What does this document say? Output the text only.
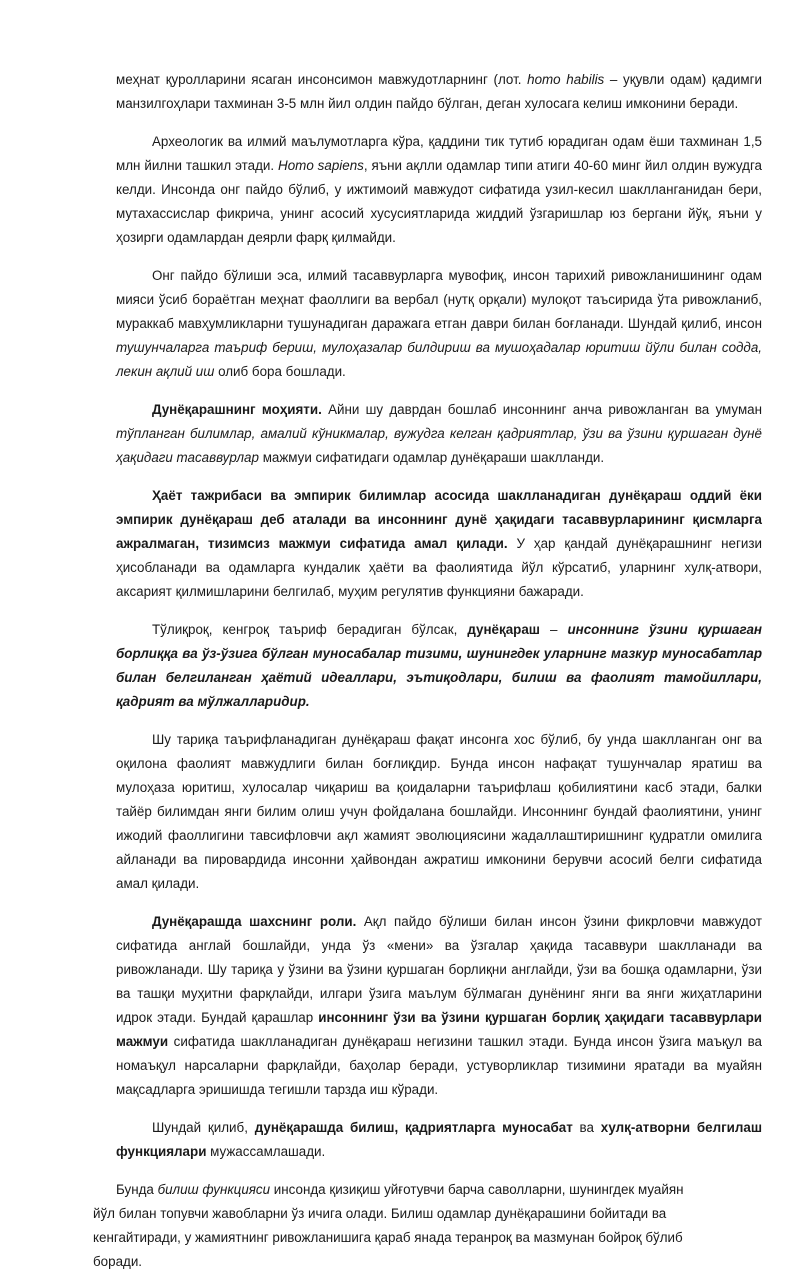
меҳнат қуролларини ясаган инсонсимон мавжудотларнинг (лот. homo habilis – уқувли одам) қадимги манзилгоҳлари тахминан 3-5 млн йил олдин пайдо бўлган, деган хулосага келиш имконини беради.

Археологик ва илмий маълумотларга кўра, қаддини тик тутиб юрадиган одам ёши тахминан 1,5 млн йилни ташкил этади. Homo sapiens, яъни ақлли одамлар типи атиги 40-60 минг йил олдин вужудга келди. Инсонда онг пайдо бўлиб, у ижтимоий мавжудот сифатида узил-кесил шаклланганидан бери, мутахассислар фикрича, унинг асосий хусусиятларида жиддий ўзгаришлар юз бергани йўқ, яъни у ҳозирги одамлардан деярли фарқ қилмайди.

Онг пайдо бўлиши эса, илмий тасаввурларга мувофиқ, инсон тарихий ривожланишининг одам мияси ўсиб бораётган меҳнат фаоллиги ва вербал (нутқ орқали) мулоқот таъсирида ўта ривожланиб, мураккаб мавҳумликларни тушунадиган даражага етган даври билан боғланади. Шундай қилиб, инсон тушунчаларга таъриф бериш, мулоҳазалар билдириш ва мушоҳадалар юритиш йўли билан содда, лекин ақлий иш олиб бора бошлади.

Дунёқарашнинг моҳияти. Айни шу даврдан бошлаб инсоннинг анча ривожланган ва умуман тўпланган билимлар, амалий кўникмалар, вужудга келган қадриятлар, ўзи ва ўзини қуршаган дунё ҳақидаги тасаввурлар мажмуи сифатидаги одамлар дунёқараши шаклланди.

Ҳаёт тажрибаси ва эмпирик билимлар асосида шаклланадиган дунёқараш оддий ёки эмпирик дунёқараш деб аталади ва инсоннинг дунё ҳақидаги тасаввурларининг қисмларга ажралмаган, тизимсиз мажмуи сифатида амал қилади. У ҳар қандай дунёқарашнинг негизи ҳисобланади ва одамларга кундалик ҳаёти ва фаолиятида йўл кўрсатиб, уларнинг хулқ-атвори, аксарият қилмишларини белгилаб, муҳим регулятив функцияни бажаради.

Тўлиқроқ, кенгроқ таъриф берадиган бўлсак, дунёқараш – инсоннинг ўзини қуршаган борлиққа ва ўз-ўзига бўлган муносабалар тизими, шунингдек уларнинг мазкур муносабатлар билан белгиланган ҳаётий идеаллари, эътиқодлари, билиш ва фаолият тамойиллари, қадрият ва мўлжалларидир.

Шу тариқа таърифланадиган дунёқараш фақат инсонга хос бўлиб, бу унда шаклланган онг ва оқилона фаолият мавжудлиги билан боғлиқдир. Бунда инсон нафақат тушунчалар яратиш ва мулоҳаза юритиш, хулосалар чиқариш ва қоидаларни таърифлаш қобилиятини касб этади, балки тайёр билимдан янги билим олиш учун фойдалана бошлайди. Инсоннинг бундай фаолиятини, унинг ижодий фаоллигини тавсифловчи ақл жамият эволюциясини жадаллаштиришнинг қудратли омилига айланади ва пировардида инсонни ҳайвондан ажратиш имконини берувчи асосий белги сифатида амал қилади.

Дунёқарашда шахснинг роли. Ақл пайдо бўлиши билан инсон ўзини фикрловчи мавжудот сифатида англай бошлайди, унда ўз «мени» ва ўзгалар ҳақида тасаввури шаклланади ва ривожланади. Шу тариқа у ўзини ва ўзини қуршаган борлиқни англайди, ўзи ва бошқа одамларни, ўзи ва ташқи муҳитни фарқлайди, илгари ўзига маълум бўлмаган дунёнинг янги ва янги жиҳатларини идрок этади. Бундай қарашлар инсоннинг ўзи ва ўзини қуршаган борлиқ ҳақидаги тасаввурлари мажмуи сифатида шаклланадиган дунёқараш негизини ташкил этади. Бунда инсон ўзига маъқул ва номаъқул нарсаларни фарқлайди, баҳолар беради, устуворликлар тизимини яратади ва муайян мақсадларга эришишда тегишли тарзда иш кўради.

Шундай қилиб, дунёқарашда билиш, қадриятларга муносабат ва хулқ-атворни белгилаш функциялари мужассамлашади.

Бунда билиш функцияси инсонда қизиқиш уйғотувчи барча саволларни, шунингдек муайян йўл билан топувчи жавобларни ўз ичига олади. Билиш одамлар дунёқарашини бойитади ва кенгайтиради, у жамиятнинг ривожланишига қараб янада теранроқ ва мазмунан бойроқ бўлиб боради.
